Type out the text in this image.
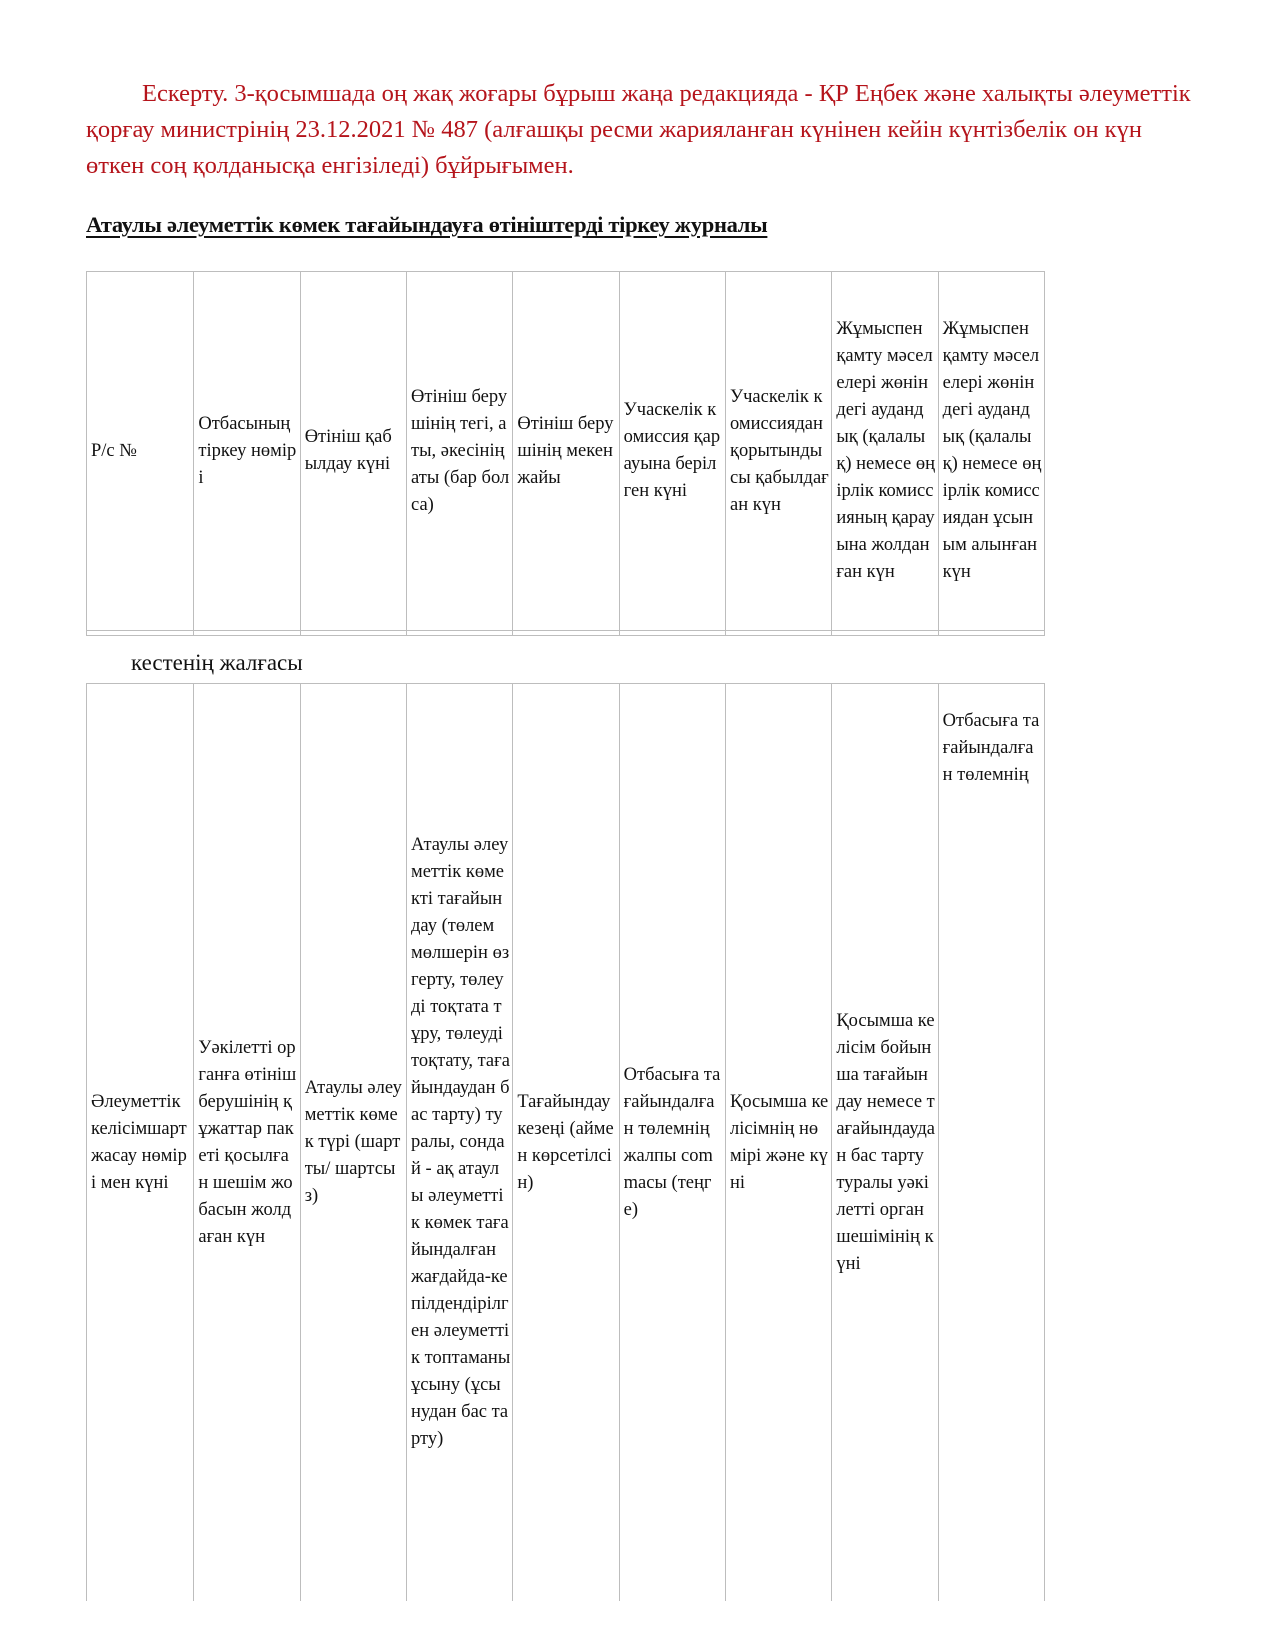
Ескерту. 3-қосымшада оң жақ жоғары бұрыш жаңа редакцияда - ҚР Еңбек және халықты әлеуметтік қорғау министрінің 23.12.2021 № 487 (алғашқы ресми жарияланған күнінен кейін күнтізбелік он күн өткен соң қолданысқа енгізіледі) бұйрығымен.
Атаулы әлеуметтік көмек тағайындауға өтініштерді тіркеу журналы
Р/с №	Отбасының тіркеу нөмірі	Өтініш қабылдау күні	Өтініш берушінің тегі, аты, әкесінің аты (бар болса)	Өтініш берушінің мекен жайы	Учаскелік комиссия қарауына берілген күні	Учаскелік комиссиядан қорытындысы қабылдаған күн	Жұмыспен қамту мәселелері жөніндегі аудандық (қалалық) немесе өңірлік комиссияның қарауына жолданған күн	Жұмыспен қамту мәселелері жөніндегі аудандық (қалалық) немесе өңірлік комиссиядан ұсыным алынған күн

кестенің жалғасы
Әлеуметтік келісімшарт жасау нөмірі мен күні	Уәкілетті органға өтініш берушінің құжаттар пакеті қосылған шешім жобасын жолдаған күн	Атаулы әлеуметтік көмек түрі (шартты/ шартсыз)	Атаулы әлеуметтік көмекті тағайындау (төлем мөлшерін өзгерту, төлеуді тоқтата тұру, төлеуді тоқтату, тағайындаудан бас тарту) туралы, сондай - ақ атаулы әлеуметтік көмек тағайындалған жағдайда-кепілдендірілген әлеуметтік топтаманы ұсыну (ұсынудан бас тарту)	Тағайындау кезеңі (аймен көрсетілсін)	Отбасыға тағайындалған төлемнің жалпы сommасы (теңге)	Қосымша келісімнің нөмірі және күні	Қосымша келісім бойынша тағайындау немесе тағайындаудан бас тарту туралы уәкілетті орган шешімінің күні	Отбасыға тағайындалған төлемнің
